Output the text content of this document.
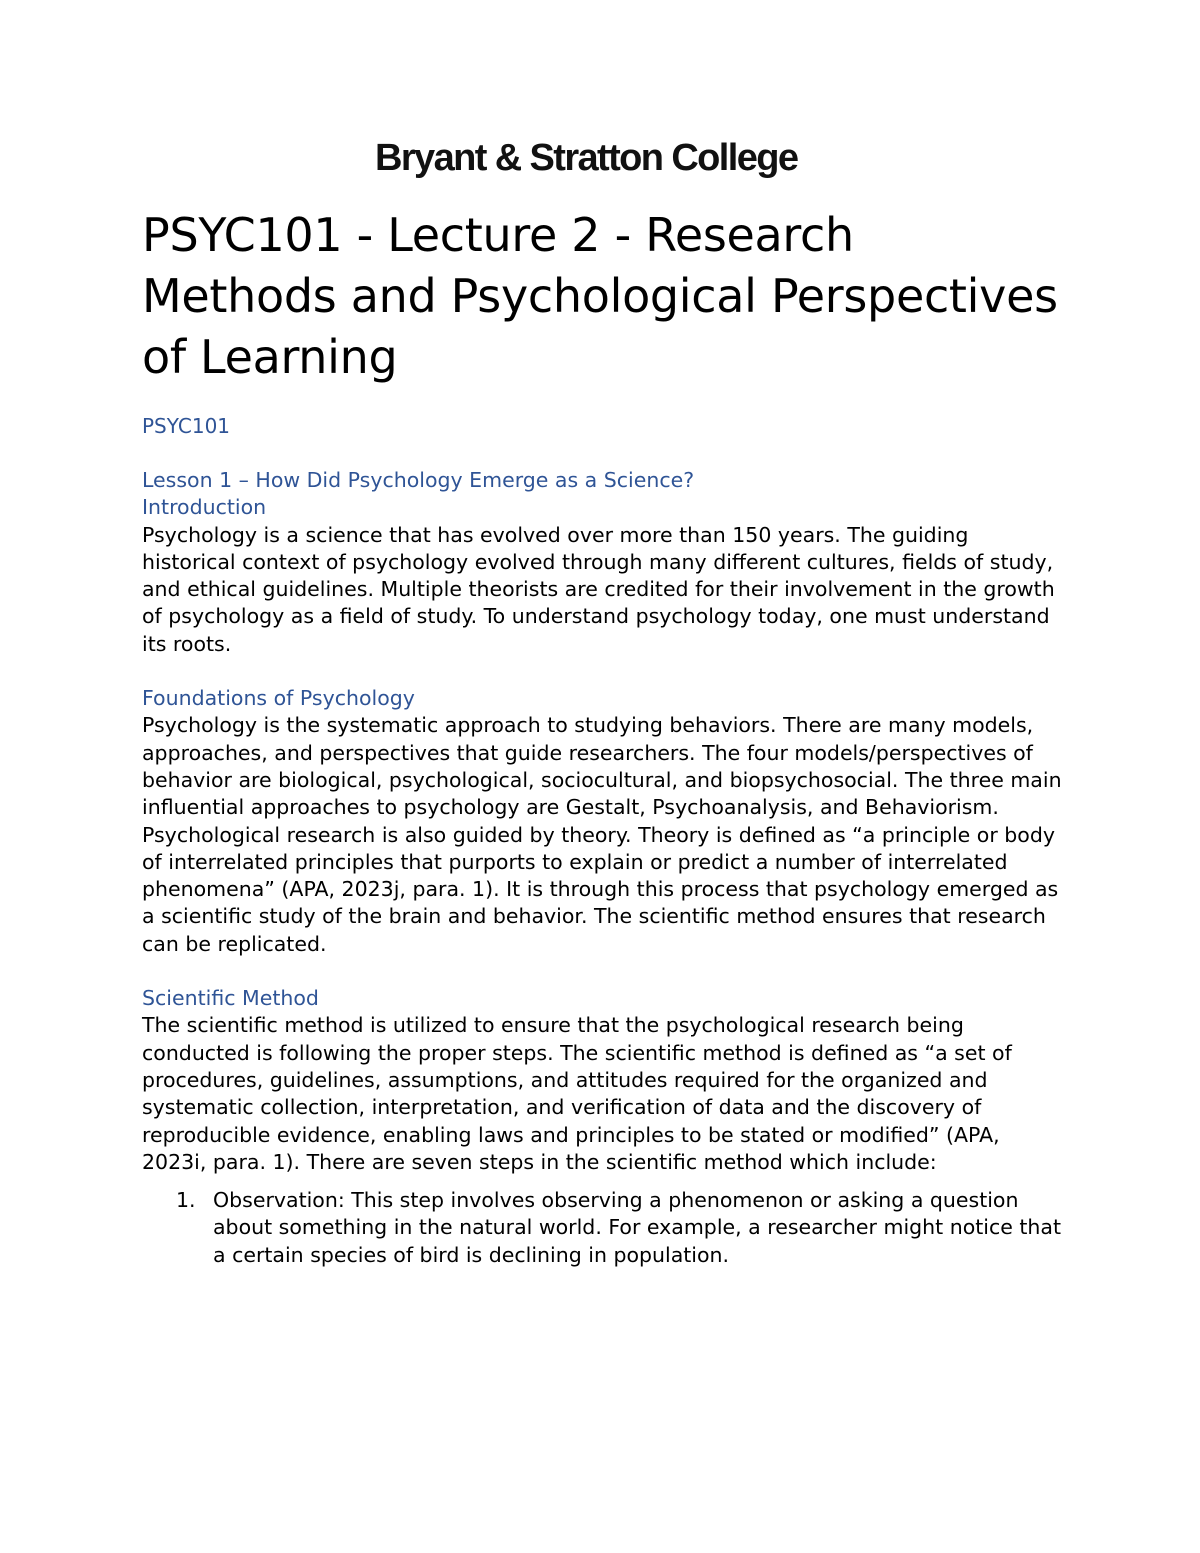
Bryant & Stratton College
PSYC101 - Lecture 2 - Research Methods and Psychological Perspectives of Learning

PSYC101

Lesson 1 – How Did Psychology Emerge as a Science?
Introduction

Psychology is a science that has evolved over more than 150 years. The guiding historical context of psychology evolved through many different cultures, fields of study, and ethical guidelines. Multiple theorists are credited for their involvement in the growth of psychology as a field of study. To understand psychology today, one must understand its roots.

Foundations of Psychology

Psychology is the systematic approach to studying behaviors. There are many models, approaches, and perspectives that guide researchers. The four models/perspectives of behavior are biological, psychological, sociocultural, and biopsychosocial. The three main influential approaches to psychology are Gestalt, Psychoanalysis, and Behaviorism. Psychological research is also guided by theory. Theory is defined as “a principle or body of interrelated principles that purports to explain or predict a number of interrelated phenomena” (APA, 2023j, para. 1). It is through this process that psychology emerged as a scientific study of the brain and behavior. The scientific method ensures that research can be replicated.

Scientific Method

The scientific method is utilized to ensure that the psychological research being conducted is following the proper steps. The scientific method is defined as “a set of procedures, guidelines, assumptions, and attitudes required for the organized and systematic collection, interpretation, and verification of data and the discovery of reproducible evidence, enabling laws and principles to be stated or modified” (APA, 2023i, para. 1). There are seven steps in the scientific method which include:

1. Observation: This step involves observing a phenomenon or asking a question about something in the natural world. For example, a researcher might notice that a certain species of bird is declining in population.
